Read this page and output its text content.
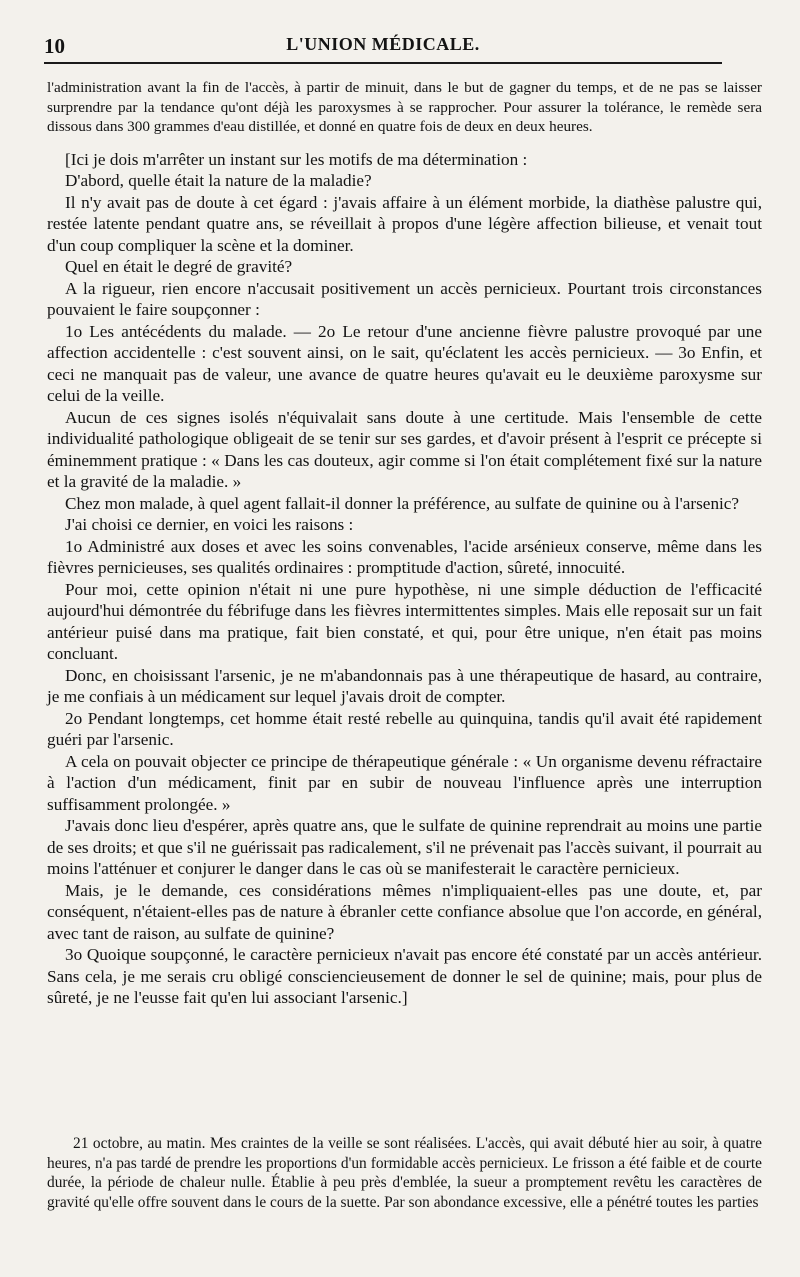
10	L'UNION MÉDICALE.

l'administration avant la fin de l'accès, à partir de minuit, dans le but de gagner du temps, et de ne pas se laisser surprendre par la tendance qu'ont déjà les paroxysmes à se rapprocher. Pour assurer la tolérance, le remède sera dissous dans 300 grammes d'eau distillée, et donné en quatre fois de deux en deux heures.

[Ici je dois m'arrêter un instant sur les motifs de ma détermination :

D'abord, quelle était la nature de la maladie?

Il n'y avait pas de doute à cet égard : j'avais affaire à un élément morbide, la diathèse palustre qui, restée latente pendant quatre ans, se réveillait à propos d'une légère affection bilieuse, et venait tout d'un coup compliquer la scène et la dominer.

Quel en était le degré de gravité?

A la rigueur, rien encore n'accusait positivement un accès pernicieux. Pourtant trois circonstances pouvaient le faire soupçonner :

1o Les antécédents du malade. — 2o Le retour d'une ancienne fièvre palustre provoqué par une affection accidentelle : c'est souvent ainsi, on le sait, qu'éclatent les accès pernicieux. — 3o Enfin, et ceci ne manquait pas de valeur, une avance de quatre heures qu'avait eu le deuxième paroxysme sur celui de la veille.

Aucun de ces signes isolés n'équivalait sans doute à une certitude. Mais l'ensemble de cette individualité pathologique obligeait de se tenir sur ses gardes, et d'avoir présent à l'esprit ce précepte si éminemment pratique : « Dans les cas douteux, agir comme si l'on était complétement fixé sur la nature et la gravité de la maladie. »

Chez mon malade, à quel agent fallait-il donner la préférence, au sulfate de quinine ou à l'arsenic?

J'ai choisi ce dernier, en voici les raisons :

1o Administré aux doses et avec les soins convenables, l'acide arsénieux conserve, même dans les fièvres pernicieuses, ses qualités ordinaires : promptitude d'action, sûreté, innocuité.

Pour moi, cette opinion n'était ni une pure hypothèse, ni une simple déduction de l'efficacité aujourd'hui démontrée du fébrifuge dans les fièvres intermittentes simples. Mais elle reposait sur un fait antérieur puisé dans ma pratique, fait bien constaté, et qui, pour être unique, n'en était pas moins concluant.

Donc, en choisissant l'arsenic, je ne m'abandonnais pas à une thérapeutique de hasard, au contraire, je me confiais à un médicament sur lequel j'avais droit de compter.

2o Pendant longtemps, cet homme était resté rebelle au quinquina, tandis qu'il avait été rapidement guéri par l'arsenic.

A cela on pouvait objecter ce principe de thérapeutique générale : « Un organisme devenu réfractaire à l'action d'un médicament, finit par en subir de nouveau l'influence après une interruption suffisamment prolongée. »

J'avais donc lieu d'espérer, après quatre ans, que le sulfate de quinine reprendrait au moins une partie de ses droits; et que s'il ne guérissait pas radicalement, s'il ne prévenait pas l'accès suivant, il pourrait au moins l'atténuer et conjurer le danger dans le cas où se manifesterait le caractère pernicieux.

Mais, je le demande, ces considérations mêmes n'impliquaient-elles pas une doute, et, par conséquent, n'étaient-elles pas de nature à ébranler cette confiance absolue que l'on accorde, en général, avec tant de raison, au sulfate de quinine?

3o Quoique soupçonné, le caractère pernicieux n'avait pas encore été constaté par un accès antérieur. Sans cela, je me serais cru obligé consciencieusement de donner le sel de quinine; mais, pour plus de sûreté, je ne l'eusse fait qu'en lui associant l'arsenic.]

21 octobre, au matin. Mes craintes de la veille se sont réalisées. L'accès, qui avait débuté hier au soir, à quatre heures, n'a pas tardé de prendre les proportions d'un formidable accès pernicieux. Le frisson a été faible et de courte durée, la période de chaleur nulle. Établie à peu près d'emblée, la sueur a promptement revêtu les caractères de gravité qu'elle offre souvent dans le cours de la suette. Par son abondance excessive, elle a pénétré toutes les parties
